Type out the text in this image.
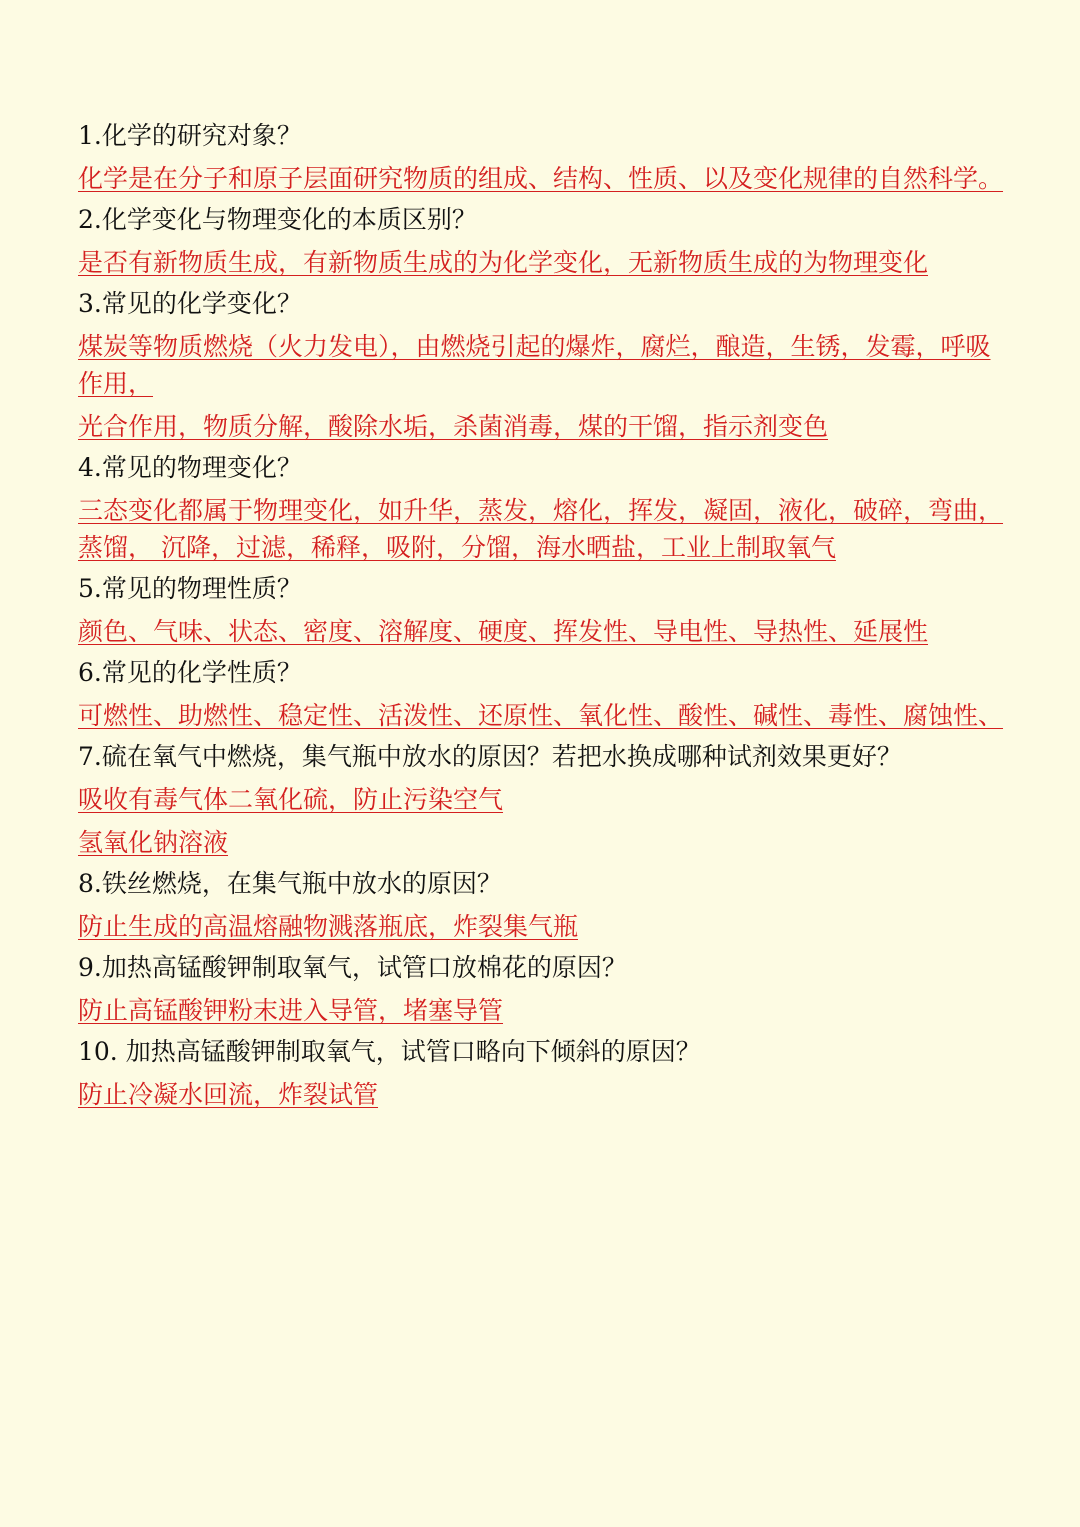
1.化学的研究对象？

化学是在分子和原子层面研究物质的组成、结构、性质、以及变化规律的自然科学。

2.化学变化与物理变化的本质区别？

是否有新物质生成，有新物质生成的为化学变化，无新物质生成的为物理变化

3.常见的化学变化？

煤炭等物质燃烧（火力发电），由燃烧引起的爆炸，腐烂，酿造，生锈，发霉，呼吸作用，

光合作用，物质分解，酸除水垢，杀菌消毒，煤的干馏，指示剂变色

4.常见的物理变化？

三态变化都属于物理变化，如升华，蒸发，熔化，挥发，凝固，液化，破碎，弯曲，蒸馏， 沉降，过滤，稀释，吸附，分馏，海水晒盐，工业上制取氧气

5.常见的物理性质？

颜色、气味、状态、密度、溶解度、硬度、挥发性、导电性、导热性、延展性

6.常见的化学性质？

可燃性、助燃性、稳定性、活泼性、还原性、氧化性、酸性、碱性、毒性、腐蚀性、

7.硫在氧气中燃烧，集气瓶中放水的原因？若把水换成哪种试剂效果更好？

吸收有毒气体二氧化硫，防止污染空气

氢氧化钠溶液

8.铁丝燃烧，在集气瓶中放水的原因？

防止生成的高温熔融物溅落瓶底，炸裂集气瓶

9.加热高锰酸钾制取氧气，试管口放棉花的原因？

防止高锰酸钾粉末进入导管，堵塞导管

10. 加热高锰酸钾制取氧气，试管口略向下倾斜的原因？

防止冷凝水回流，炸裂试管
